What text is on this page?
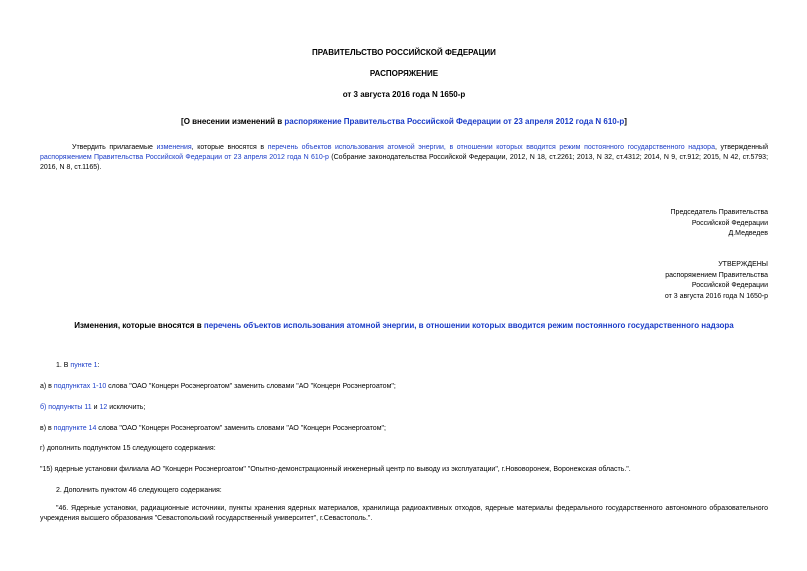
ПРАВИТЕЛЬСТВО РОССИЙСКОЙ ФЕДЕРАЦИИ
РАСПОРЯЖЕНИЕ
от 3 августа 2016 года N 1650-р
[О внесении изменений в распоряжение Правительства Российской Федерации от 23 апреля 2012 года N 610-р]
Утвердить прилагаемые изменения, которые вносятся в перечень объектов использования атомной энергии, в отношении которых вводится режим постоянного государственного надзора, утвержденный распоряжением Правительства Российской Федерации от 23 апреля 2012 года N 610-р (Собрание законодательства Российской Федерации, 2012, N 18, ст.2261; 2013, N 32, ст.4312; 2014, N 9, ст.912; 2015, N 42, ст.5793; 2016, N 8, ст.1165).
Председатель Правительства
Российской Федерации
Д.Медведев
УТВЕРЖДЕНЫ
распоряжением Правительства
Российской Федерации
от 3 августа 2016 года N 1650-р
Изменения, которые вносятся в перечень объектов использования атомной энергии, в отношении которых вводится режим постоянного государственного надзора
1. В пункте 1:
а) в подпунктах 1-10 слова "ОАО "Концерн Росэнергоатом" заменить словами "АО "Концерн Росэнергоатом";
б) подпункты 11 и 12 исключить;
в) в подпункте 14 слова "ОАО "Концерн Росэнергоатом" заменить словами "АО "Концерн Росэнергоатом";
г) дополнить подпунктом 15 следующего содержания:
"15) ядерные установки филиала АО "Концерн Росэнергоатом" "Опытно-демонстрационный инженерный центр по выводу из эксплуатации", г.Нововоронеж, Воронежская область.".
2. Дополнить пунктом 46 следующего содержания:
"46. Ядерные установки, радиационные источники, пункты хранения ядерных материалов, хранилища радиоактивных отходов, ядерные материалы федерального государственного автономного образовательного учреждения высшего образования "Севастопольский государственный университет", г.Севастополь.".
